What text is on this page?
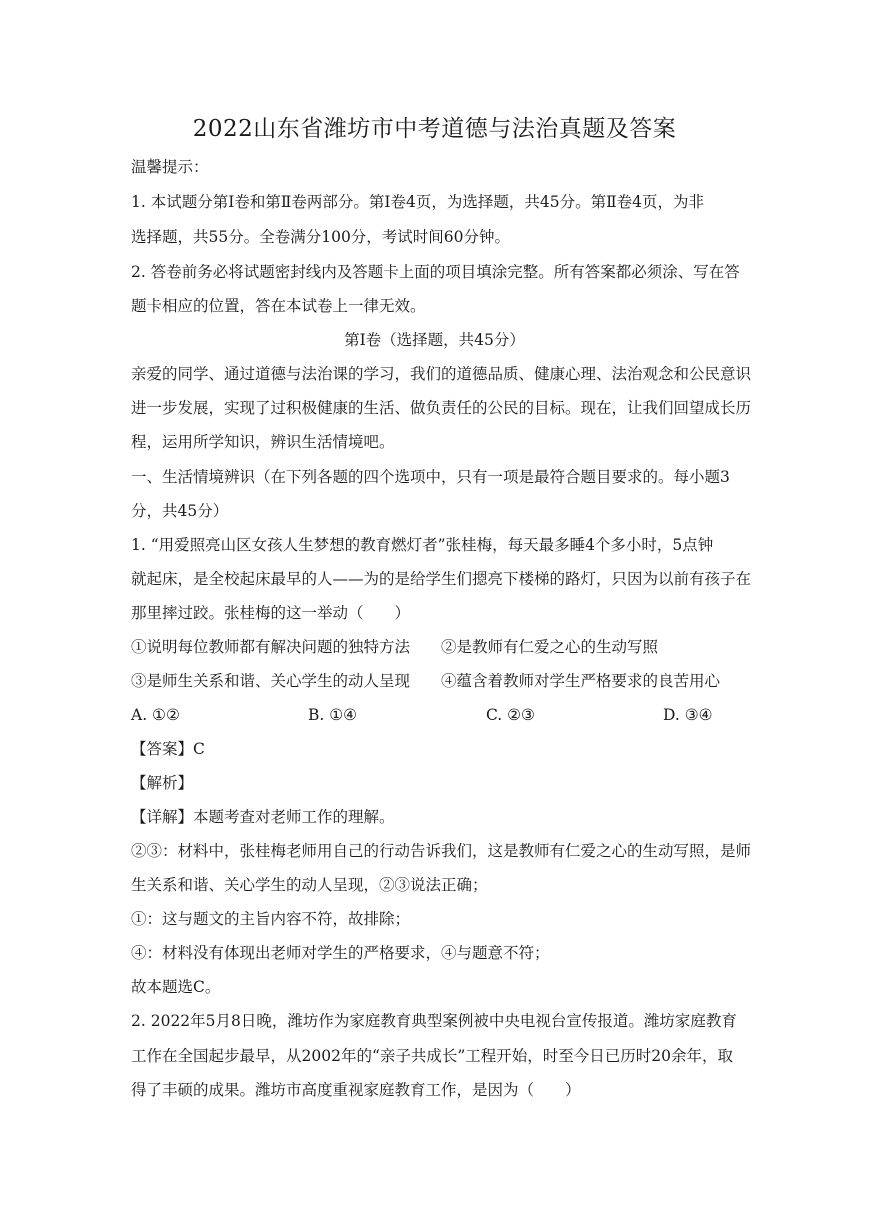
2022山东省潍坊市中考道德与法治真题及答案
温馨提示：
1. 本试题分第Ⅰ卷和第Ⅱ卷两部分。第Ⅰ卷4页，为选择题，共45分。第Ⅱ卷4页，为非
选择题，共55分。全卷满分100分，考试时间60分钟。
2. 答卷前务必将试题密封线内及答题卡上面的项目填涂完整。所有答案都必须涂、写在答
题卡相应的位置，答在本试卷上一律无效。
第Ⅰ卷（选择题，共45分）
亲爱的同学、通过道德与法治课的学习，我们的道德品质、健康心理、法治观念和公民意识
进一步发展，实现了过积极健康的生活、做负责任的公民的目标。现在，让我们回望成长历
程，运用所学知识，辨识生活情境吧。
一、生活情境辨识（在下列各题的四个选项中，只有一项是最符合题目要求的。每小题3
分，共45分）
1. “用爱照亮山区女孩人生梦想的教育燃灯者”张桂梅，每天最多睡4个多小时，5点钟
就起床，是全校起床最早的人——为的是给学生们摁亮下楼梯的路灯，只因为以前有孩子在
那里摔过跤。张桂梅的这一举动（　　）
①说明每位教师都有解决问题的独特方法　　②是教师有仁爱之心的生动写照
③是师生关系和谐、关心学生的动人呈现　　④蕴含着教师对学生严格要求的良苦用心
A. ①②	B. ①④	C. ②③	D. ③④
【答案】C
【解析】
【详解】本题考查对老师工作的理解。
②③：材料中，张桂梅老师用自己的行动告诉我们，这是教师有仁爱之心的生动写照，是师
生关系和谐、关心学生的动人呈现，②③说法正确；
①：这与题文的主旨内容不符，故排除；
④：材料没有体现出老师对学生的严格要求，④与题意不符；
故本题选C。
2. 2022年5月8日晚，潍坊作为家庭教育典型案例被中央电视台宣传报道。潍坊家庭教育
工作在全国起步最早，从2002年的“亲子共成长”工程开始，时至今日已历时20余年，取
得了丰硕的成果。潍坊市高度重视家庭教育工作，是因为（　　）
